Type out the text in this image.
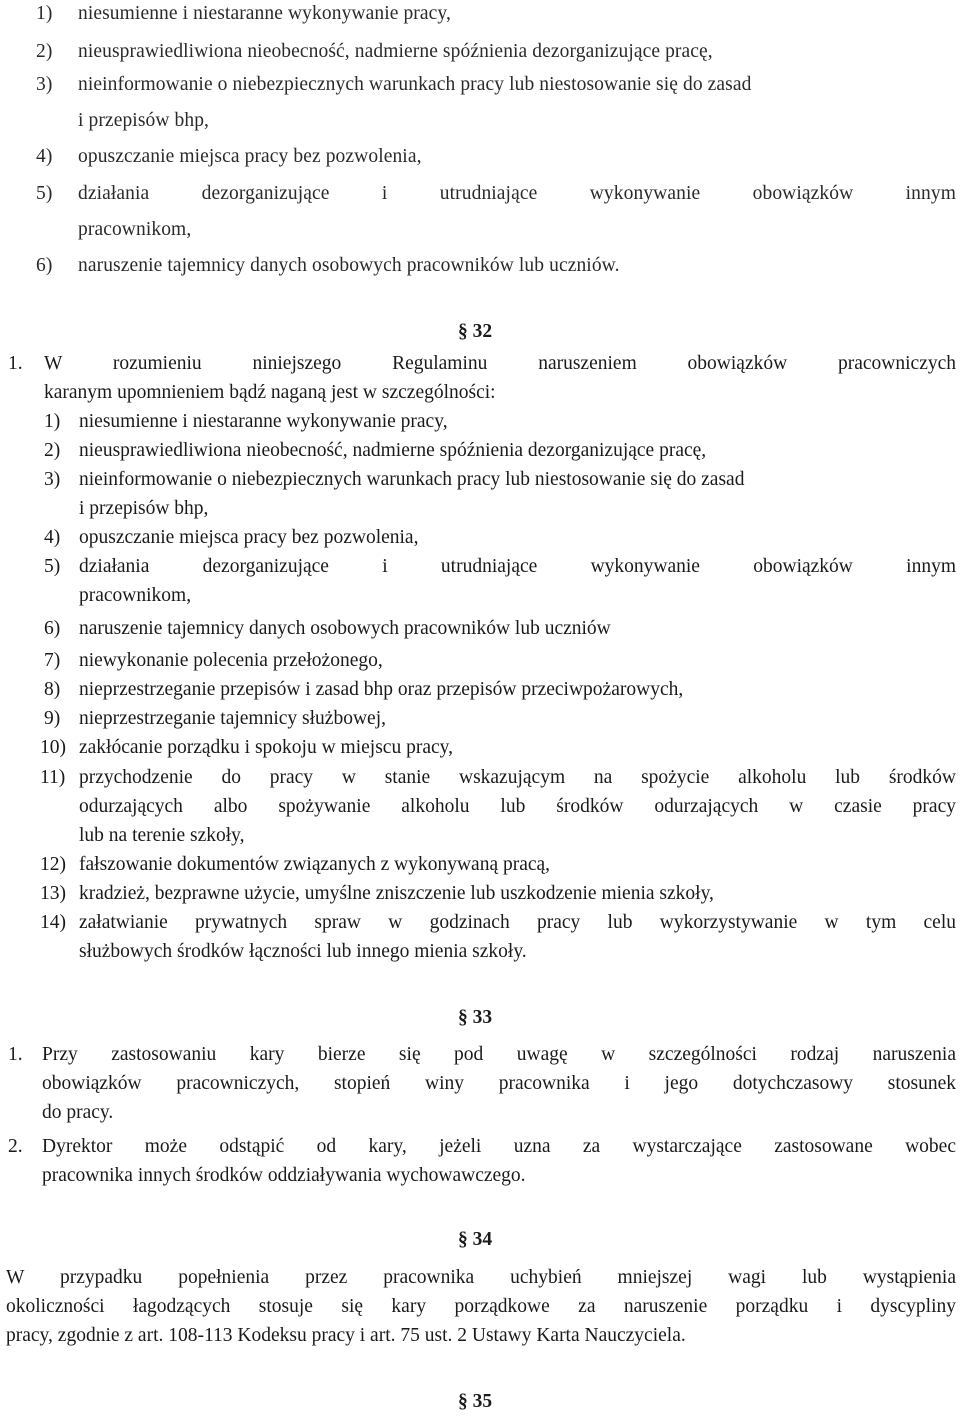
1) niesumienne i niestaranne wykonywanie pracy,
2) nieusprawiedliwiona nieobecność, nadmierne spóźnienia dezorganizujące pracę,
3) nieinformowanie o niebezpiecznych warunkach pracy lub niestosowanie się do zasad
i przepisów bhp,
4) opuszczanie miejsca pracy bez pozwolenia,
5) działania dezorganizujące i utrudniające wykonywanie obowiązków innym
pracownikom,
6) naruszenie tajemnicy danych osobowych pracowników lub uczniów.
§ 32
1. W rozumieniu niniejszego Regulaminu naruszeniem obowiązków pracowniczych
karanym upomnieniem bądź naganą jest w szczególności:
1) niesumienne i niestaranne wykonywanie pracy,
2) nieusprawiedliwiona nieobecność, nadmierne spóźnienia dezorganizujące pracę,
3) nieinformowanie o niebezpiecznych warunkach pracy lub niestosowanie się do zasad
i przepisów bhp,
4) opuszczanie miejsca pracy bez pozwolenia,
5) działania dezorganizujące i utrudniające wykonywanie obowiązków innym
pracownikom,
6) naruszenie tajemnicy danych osobowych pracowników lub uczniów
7) niewykonanie polecenia przełożonego,
8) nieprzestrzeganie przepisów i zasad bhp oraz przepisów przeciwpożarowych,
9) nieprzestrzeganie tajemnicy służbowej,
10) zakłócanie porządku i spokoju w miejscu pracy,
11) przychodzenie do pracy w stanie wskazującym na spożycie alkoholu lub środków
odurzających albo spożywanie alkoholu lub środków odurzających w czasie pracy
lub na terenie szkoły,
12) fałszowanie dokumentów związanych z wykonywaną pracą,
13) kradzież, bezprawne użycie, umyślne zniszczenie lub uszkodzenie mienia szkoły,
14) załatwianie prywatnych spraw w godzinach pracy lub wykorzystywanie w tym celu
służbowych środków łączności lub innego mienia szkoły.
§ 33
1. Przy zastosowaniu kary bierze się pod uwagę w szczególności rodzaj naruszenia
obowiązków pracowniczych, stopień winy pracownika i jego dotychczasowy stosunek
do pracy.
2. Dyrektor może odstąpić od kary, jeżeli uzna za wystarczające zastosowane wobec
pracownika innych środków oddziaływania wychowawczego.
§ 34
W przypadku popełnienia przez pracownika uchybień mniejszej wagi lub wystąpienia
okoliczności łagodzących stosuje się kary porządkowe za naruszenie porządku i dyscypliny
pracy, zgodnie z art. 108-113 Kodeksu pracy i art. 75 ust. 2 Ustawy Karta Nauczyciela.
§ 35
